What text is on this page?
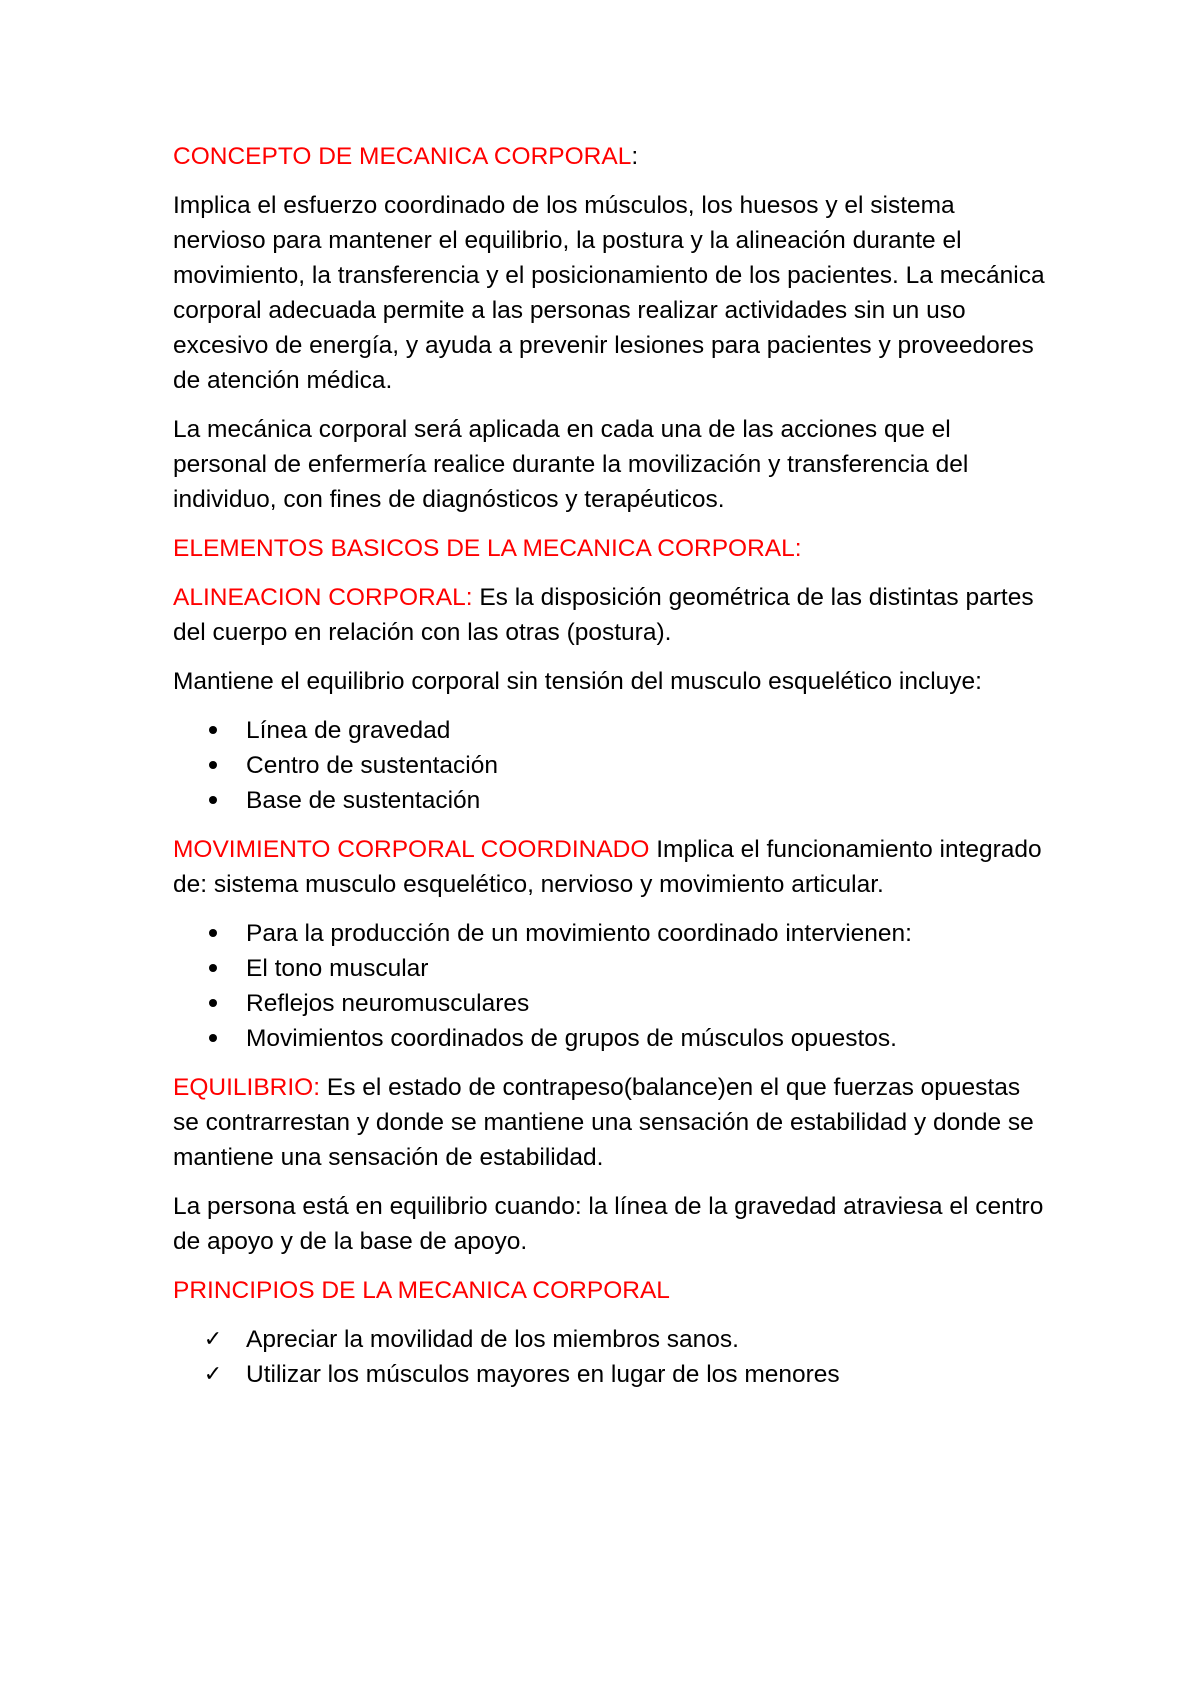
CONCEPTO DE MECANICA CORPORAL:

Implica el esfuerzo coordinado de los músculos, los huesos y el sistema nervioso para mantener el equilibrio, la postura y la alineación durante el movimiento, la transferencia y el posicionamiento de los pacientes. La mecánica corporal adecuada permite a las personas realizar actividades sin un uso excesivo de energía, y ayuda a prevenir lesiones para pacientes y proveedores de atención médica.

La mecánica corporal será aplicada en cada una de las acciones que el personal de enfermería realice durante la movilización y transferencia del individuo, con fines de diagnósticos y terapéuticos.

ELEMENTOS BASICOS DE LA MECANICA CORPORAL:

ALINEACION CORPORAL: Es la disposición geométrica de las distintas partes del cuerpo en relación con las otras (postura).

Mantiene el equilibrio corporal sin tensión del musculo esquelético incluye:

Línea de gravedad
Centro de sustentación
Base de sustentación

MOVIMIENTO CORPORAL COORDINADO Implica el funcionamiento integrado de: sistema musculo esquelético, nervioso y movimiento articular.

Para la producción de un movimiento coordinado intervienen:
El tono muscular
Reflejos neuromusculares
Movimientos coordinados de grupos de músculos opuestos.

EQUILIBRIO: Es el estado de contrapeso(balance)en el que fuerzas opuestas se contrarrestan y donde se mantiene una sensación de estabilidad y donde se mantiene una sensación de estabilidad.

La persona está en equilibrio cuando: la línea de la gravedad atraviesa el centro de apoyo y de la base de apoyo.

PRINCIPIOS DE LA MECANICA CORPORAL

✓ Apreciar la movilidad de los miembros sanos.
✓ Utilizar los músculos mayores en lugar de los menores
